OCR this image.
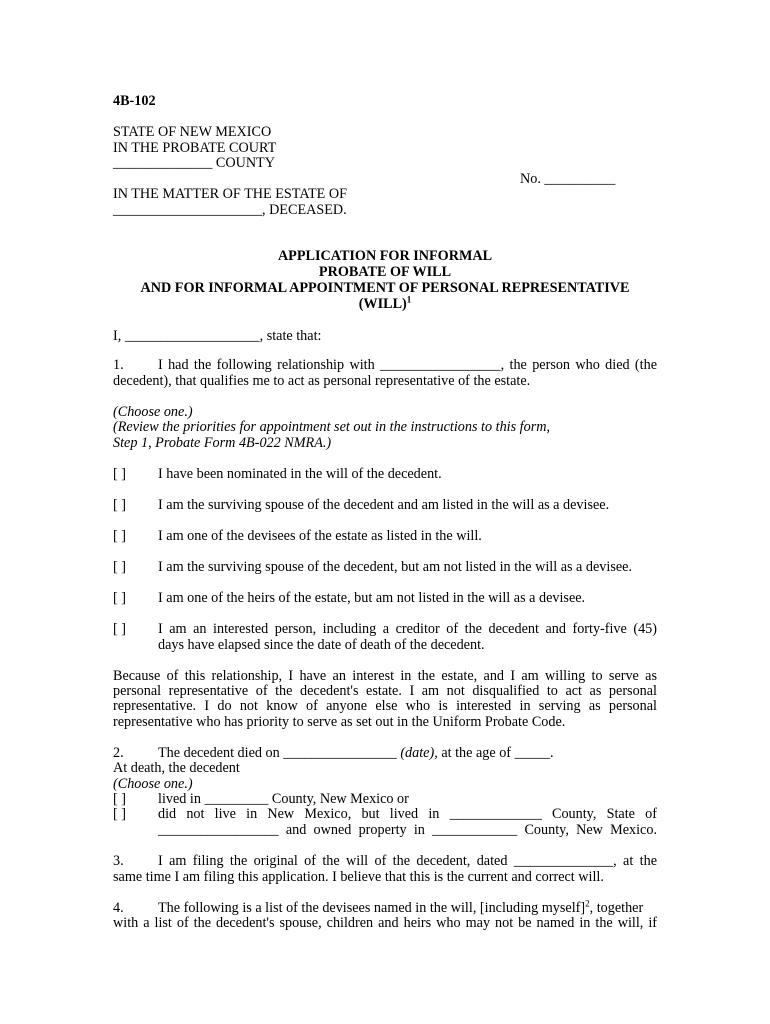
4B-102
STATE OF NEW MEXICO
IN THE PROBATE COURT
______________ COUNTY
No. __________
IN THE MATTER OF THE ESTATE OF
_____________________, DECEASED.
APPLICATION FOR INFORMAL
PROBATE OF WILL
AND FOR INFORMAL APPOINTMENT OF PERSONAL REPRESENTATIVE
(WILL)$^1$
I, ___________________, state that:
1. I had the following relationship with _________________, the person who died (the
decedent), that qualifies me to act as personal representative of the estate.
(Choose one.)
(Review the priorities for appointment set out in the instructions to this form,
Step 1, Probate Form 4B-022 NMRA.)
[ ] I have been nominated in the will of the decedent.
[ ] I am the surviving spouse of the decedent and am listed in the will as a devisee.
[ ] I am one of the devisees of the estate as listed in the will.
[ ] I am the surviving spouse of the decedent, but am not listed in the will as a devisee.
[ ] I am one of the heirs of the estate, but am not listed in the will as a devisee.
[ ] I am an interested person, including a creditor of the decedent and forty-five (45)
days have elapsed since the date of death of the decedent.
Because of this relationship, I have an interest in the estate, and I am willing to serve as
personal representative of the decedent's estate. I am not disqualified to act as personal
representative. I do not know of anyone else who is interested in serving as personal
representative who has priority to serve as set out in the Uniform Probate Code.
2. The decedent died on ________________ (date), at the age of _____.
At death, the decedent
(Choose one.)
[ ] lived in _________ County, New Mexico or
[ ] did not live in New Mexico, but lived in _____________ County, State of
_________________ and owned property in ____________ County, New Mexico.
3. I am filing the original of the will of the decedent, dated ______________, at the
same time I am filing this application. I believe that this is the current and correct will.
4. The following is a list of the devisees named in the will, [including myself]$^2$, together
with a list of the decedent's spouse, children and heirs who may not be named in the will, if
